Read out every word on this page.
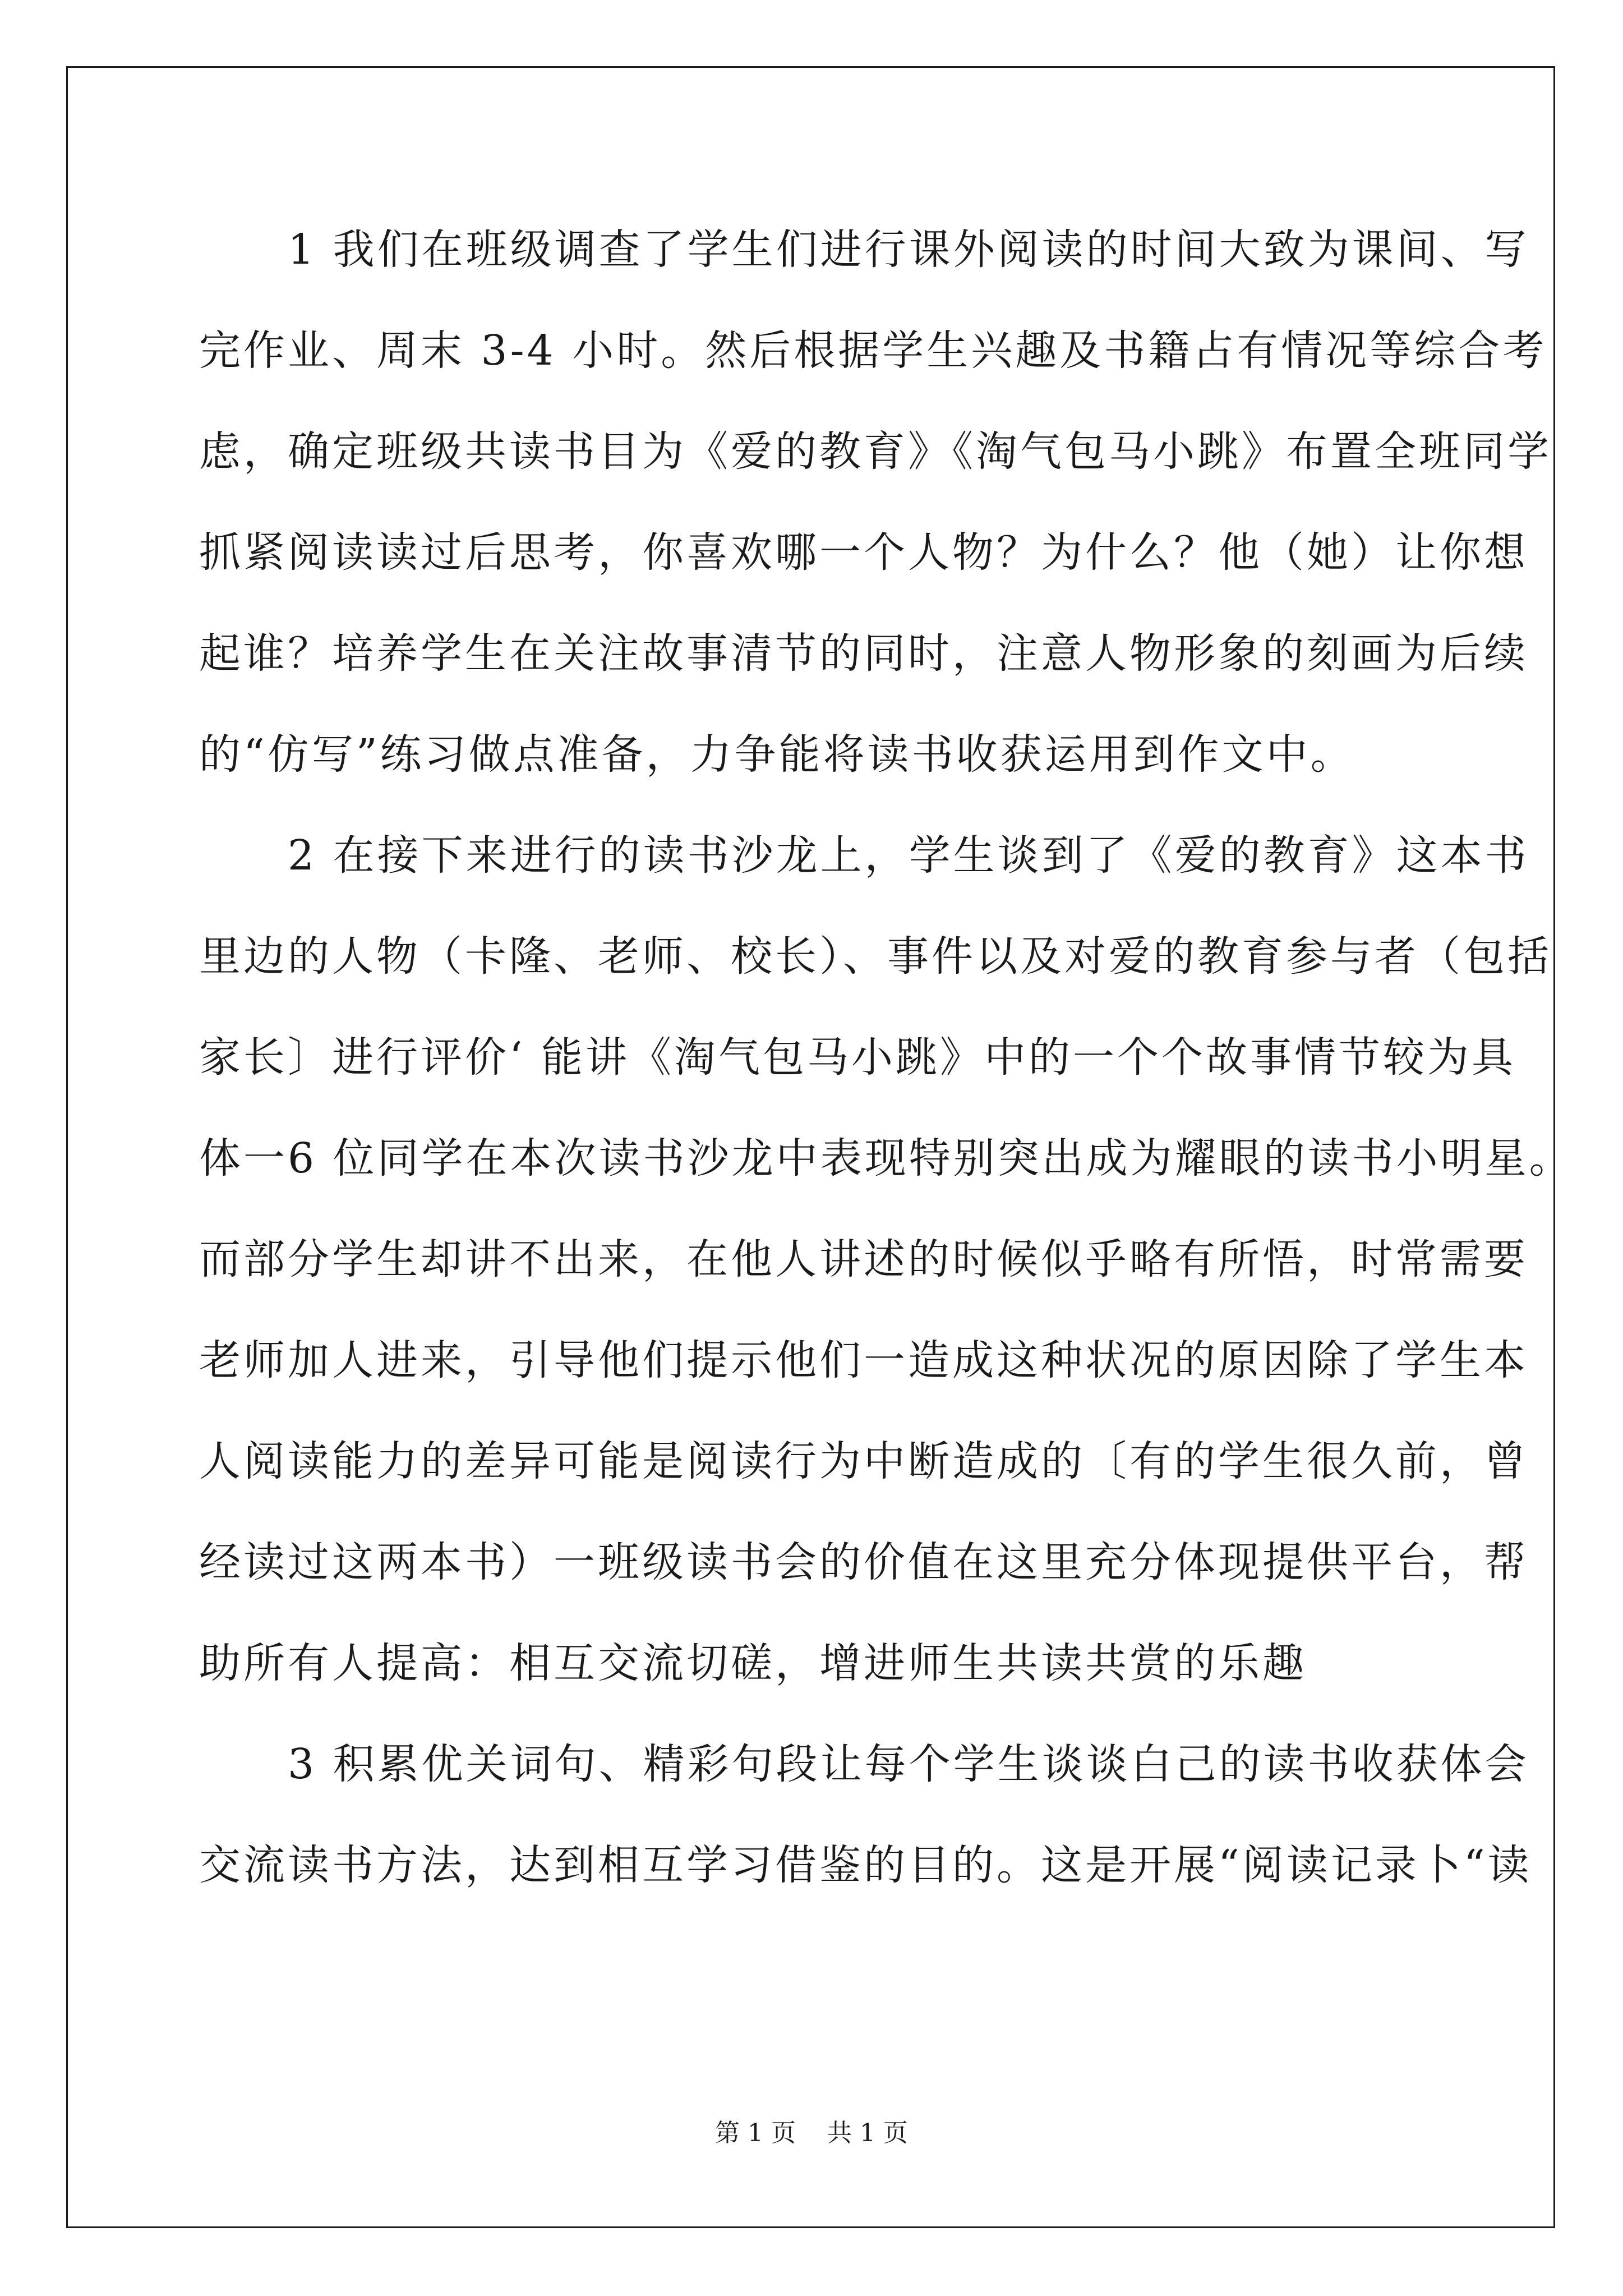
　　1 我们在班级调查了学生们进行课外阅读的时间大致为课间、写
完作业、周末 3-4 小时。然后根据学生兴趣及书籍占有情况等综合考
虑，确定班级共读书目为《爱的教育》《淘气包马小跳》布置全班同学
抓紧阅读读过后思考，你喜欢哪一个人物？为什么？他（她）让你想
起谁？培养学生在关注故事清节的同时，注意人物形象的刻画为后续
的“仿写”练习做点准备，力争能将读书收获运用到作文中。
　　2 在接下来进行的读书沙龙上，学生谈到了《爱的教育》这本书
里边的人物（卡隆、老师、校长）、事件以及对爱的教育参与者（包括
家长〕进行评价‘ 能讲《淘气包马小跳》中的一个个故事情节较为具
体一6 位同学在本次读书沙龙中表现特别突出成为耀眼的读书小明星。
而部分学生却讲不出来，在他人讲述的时候似乎略有所悟，时常需要
老师加人进来，引导他们提示他们一造成这种状况的原因除了学生本
人阅读能力的差异可能是阅读行为中断造成的〔有的学生很久前，曾
经读过这两本书）一班级读书会的价值在这里充分体现提供平台，帮
助所有人提高：相互交流切磋，增进师生共读共赏的乐趣
　　3 积累优关词句、精彩句段让每个学生谈谈白己的读书收获体会
交流读书方法，达到相互学习借鉴的目的。这是开展“阅读记录卜“读
第 1 页 共 1 页
